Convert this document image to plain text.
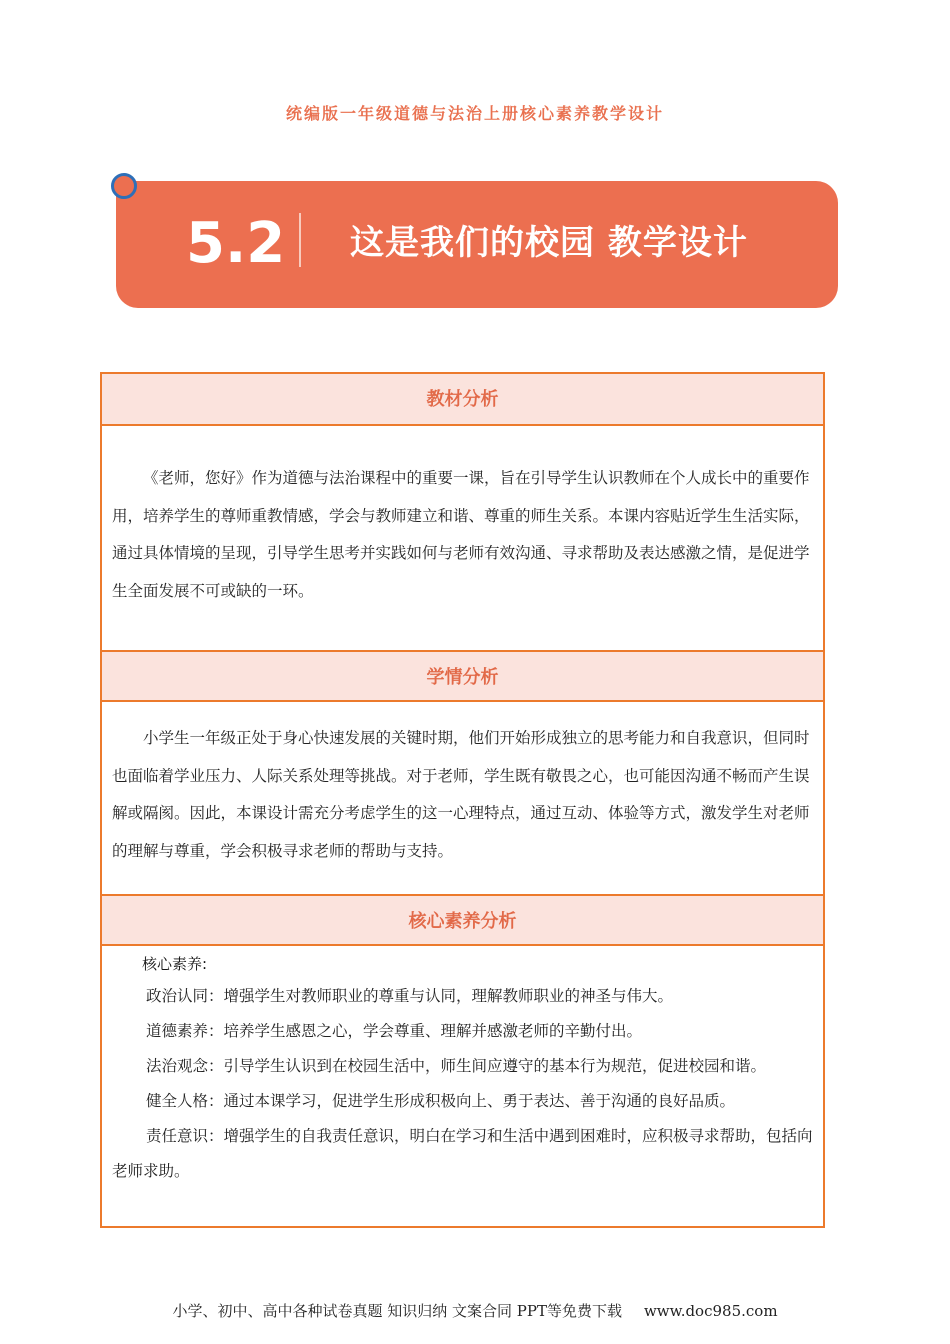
统编版一年级道德与法治上册核心素养教学设计
5.2 这是我们的校园 教学设计
教材分析

《老师，您好》作为道德与法治课程中的重要一课，旨在引导学生认识教师在个人成长中的重要作用，培养学生的尊师重教情感，学会与教师建立和谐、尊重的师生关系。本课内容贴近学生生活实际，通过具体情境的呈现，引导学生思考并实践如何与老师有效沟通、寻求帮助及表达感激之情，是促进学生全面发展不可或缺的一环。

学情分析

小学生一年级正处于身心快速发展的关键时期，他们开始形成独立的思考能力和自我意识，但同时也面临着学业压力、人际关系处理等挑战。对于老师，学生既有敬畏之心，也可能因沟通不畅而产生误解或隔阂。因此，本课设计需充分考虑学生的这一心理特点，通过互动、体验等方式，激发学生对老师的理解与尊重，学会积极寻求老师的帮助与支持。

核心素养分析
核心素养:
政治认同：增强学生对教师职业的尊重与认同，理解教师职业的神圣与伟大。
道德素养：培养学生感恩之心，学会尊重、理解并感激老师的辛勤付出。
法治观念：引导学生认识到在校园生活中，师生间应遵守的基本行为规范，促进校园和谐。
健全人格：通过本课学习，促进学生形成积极向上、勇于表达、善于沟通的良好品质。

责任意识：增强学生的自我责任意识，明白在学习和生活中遇到困难时，应积极寻求帮助，包括向老师求助。

小学、初中、高中各种试卷真题 知识归纳 文案合同 PPT等免费下载 www.doc985.com
